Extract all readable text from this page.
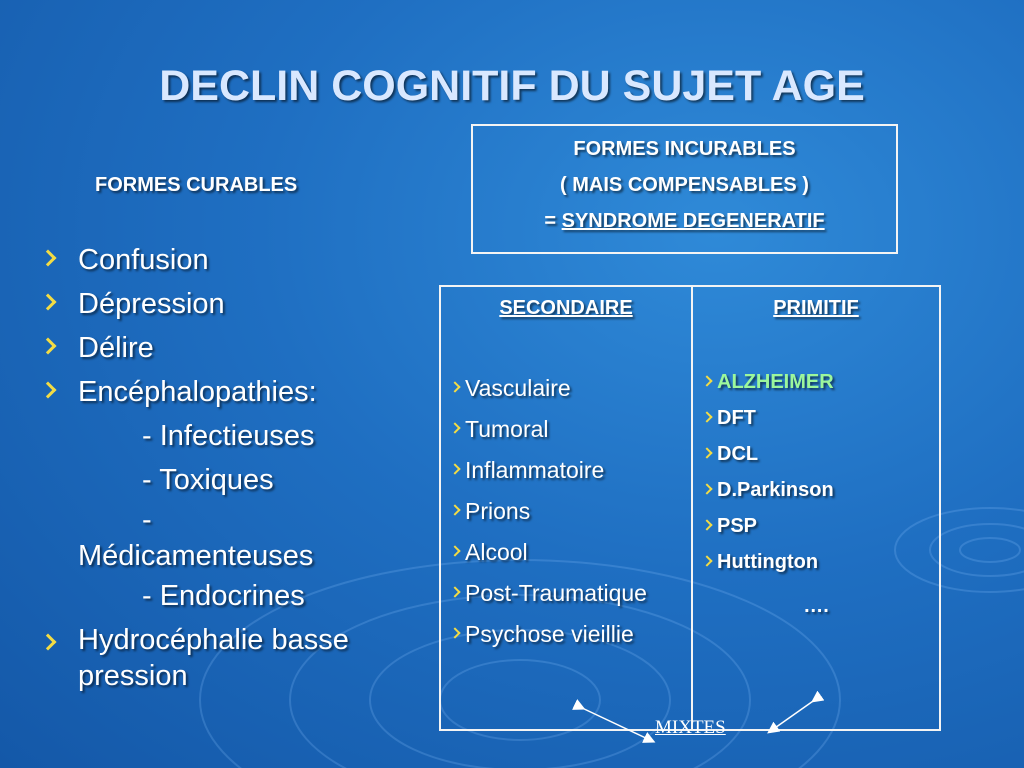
DECLIN COGNITIF DU SUJET AGE
FORMES CURABLES
Confusion
Dépression
Délire
Encéphalopathies:
- Infectieuses
- Toxiques
-
Médicamenteuses
- Endocrines
Hydrocéphalie basse pression
FORMES INCURABLES
( MAIS COMPENSABLES )
= SYNDROME DEGENERATIF
SECONDAIRE
Vasculaire
Tumoral
Inflammatoire
Prions
Alcool
Post-Traumatique
Psychose vieillie
PRIMITIF
ALZHEIMER
DFT
DCL
D.Parkinson
PSP
Huttington
….
MIXTES
